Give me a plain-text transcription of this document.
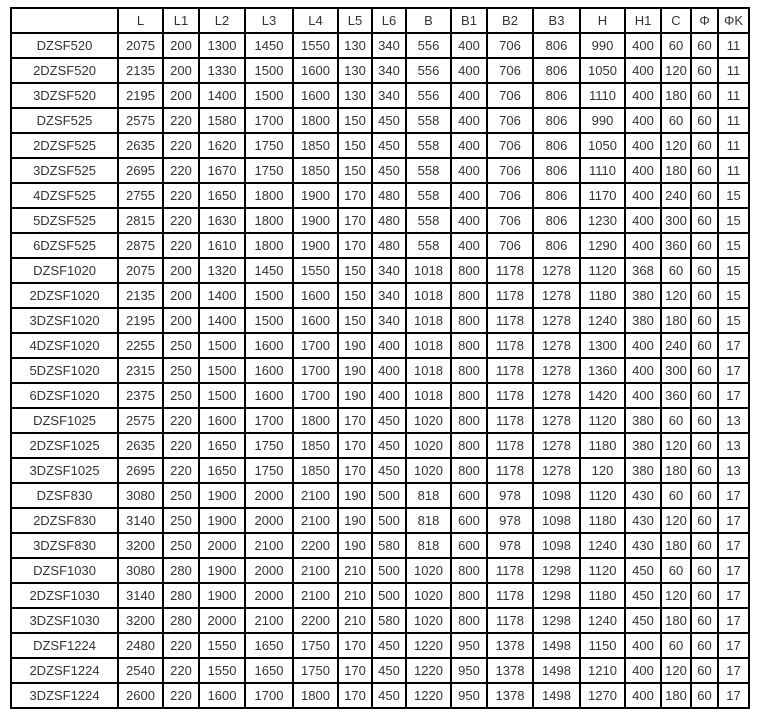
	L	L1	L2	L3	L4	L5	L6	B	B1	B2	B3	H	H1	C	Φ	ΦK
DZSF520	2075	200	1300	1450	1550	130	340	556	400	706	806	990	400	60	60	11
2DZSF520	2135	200	1330	1500	1600	130	340	556	400	706	806	1050	400	120	60	11
3DZSF520	2195	200	1400	1500	1600	130	340	556	400	706	806	1110	400	180	60	11
DZSF525	2575	220	1580	1700	1800	150	450	558	400	706	806	990	400	60	60	11
2DZSF525	2635	220	1620	1750	1850	150	450	558	400	706	806	1050	400	120	60	11
3DZSF525	2695	220	1670	1750	1850	150	450	558	400	706	806	1110	400	180	60	11
4DZSF525	2755	220	1650	1800	1900	170	480	558	400	706	806	1170	400	240	60	15
5DZSF525	2815	220	1630	1800	1900	170	480	558	400	706	806	1230	400	300	60	15
6DZSF525	2875	220	1610	1800	1900	170	480	558	400	706	806	1290	400	360	60	15
DZSF1020	2075	200	1320	1450	1550	150	340	1018	800	1178	1278	1120	368	60	60	15
2DZSF1020	2135	200	1400	1500	1600	150	340	1018	800	1178	1278	1180	380	120	60	15
3DZSF1020	2195	200	1400	1500	1600	150	340	1018	800	1178	1278	1240	380	180	60	15
4DZSF1020	2255	250	1500	1600	1700	190	400	1018	800	1178	1278	1300	400	240	60	17
5DZSF1020	2315	250	1500	1600	1700	190	400	1018	800	1178	1278	1360	400	300	60	17
6DZSF1020	2375	250	1500	1600	1700	190	400	1018	800	1178	1278	1420	400	360	60	17
DZSF1025	2575	220	1600	1700	1800	170	450	1020	800	1178	1278	1120	380	60	60	13
2DZSF1025	2635	220	1650	1750	1850	170	450	1020	800	1178	1278	1180	380	120	60	13
3DZSF1025	2695	220	1650	1750	1850	170	450	1020	800	1178	1278	120	380	180	60	13
DZSF830	3080	250	1900	2000	2100	190	500	818	600	978	1098	1120	430	60	60	17
2DZSF830	3140	250	1900	2000	2100	190	500	818	600	978	1098	1180	430	120	60	17
3DZSF830	3200	250	2000	2100	2200	190	580	818	600	978	1098	1240	430	180	60	17
DZSF1030	3080	280	1900	2000	2100	210	500	1020	800	1178	1298	1120	450	60	60	17
2DZSF1030	3140	280	1900	2000	2100	210	500	1020	800	1178	1298	1180	450	120	60	17
3DZSF1030	3200	280	2000	2100	2200	210	580	1020	800	1178	1298	1240	450	180	60	17
DZSF1224	2480	220	1550	1650	1750	170	450	1220	950	1378	1498	1150	400	60	60	17
2DZSF1224	2540	220	1550	1650	1750	170	450	1220	950	1378	1498	1210	400	120	60	17
3DZSF1224	2600	220	1600	1700	1800	170	450	1220	950	1378	1498	1270	400	180	60	17
